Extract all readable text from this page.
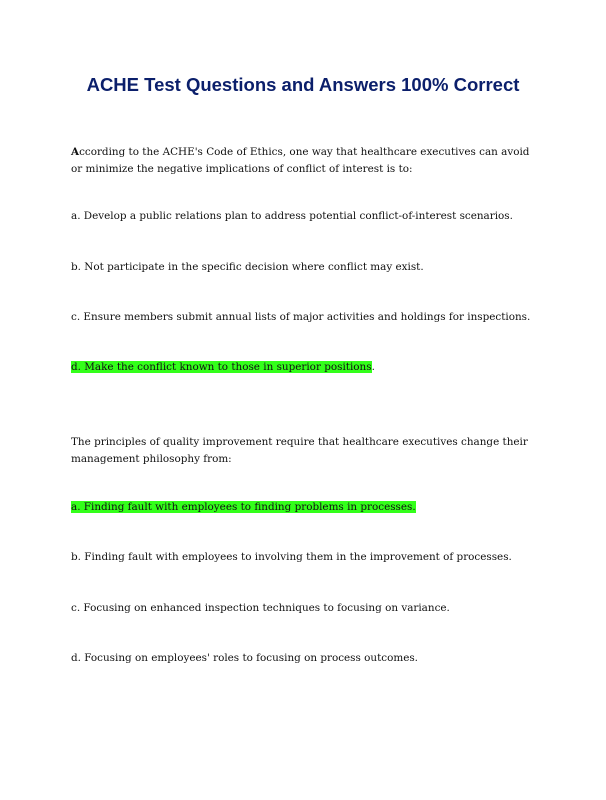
ACHE Test Questions and Answers 100% Correct

According to the ACHE's Code of Ethics, one way that healthcare executives can avoid or minimize the negative implications of conflict of interest is to:

a. Develop a public relations plan to address potential conflict-of-interest scenarios.

b. Not participate in the specific decision where conflict may exist.

c. Ensure members submit annual lists of major activities and holdings for inspections.

d. Make the conflict known to those in superior positions.

The principles of quality improvement require that healthcare executives change their management philosophy from:

a. Finding fault with employees to finding problems in processes.

b. Finding fault with employees to involving them in the improvement of processes.

c. Focusing on enhanced inspection techniques to focusing on variance.

d. Focusing on employees' roles to focusing on process outcomes.
